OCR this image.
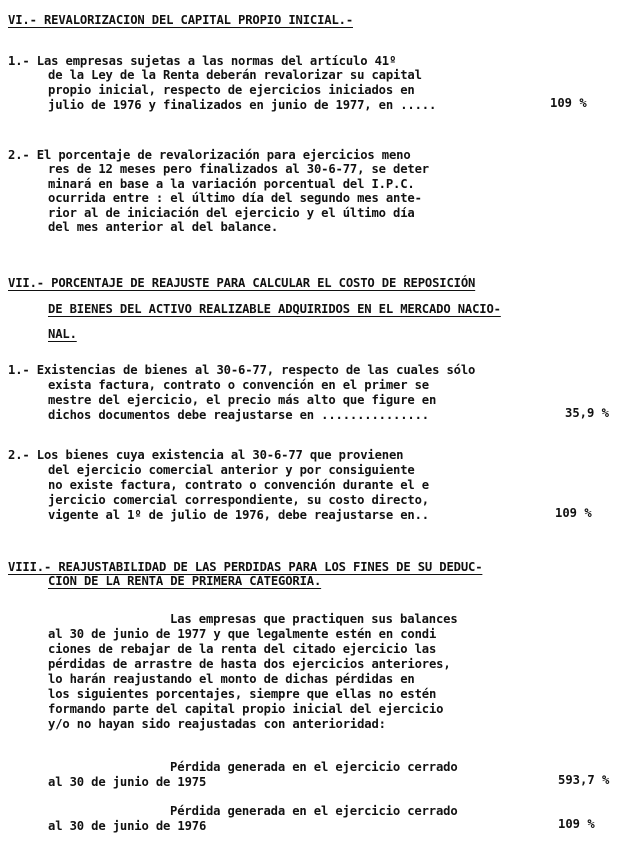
VI.- REVALORIZACION DEL CAPITAL PROPIO INICIAL.-
1.- Las empresas sujetas a las normas del artículo 41º
de la Ley de la Renta deberán revalorizar su capital
propio inicial, respecto de ejercicios iniciados en
julio de 1976 y finalizados en junio de 1977, en .....	109 %
2.- El porcentaje de revalorización para ejercicios meno
res de 12 meses pero finalizados al 30-6-77, se deter
minará en base a la variación porcentual del I.P.C.
ocurrida entre : el último día del segundo mes ante-
rior al de iniciación del ejercicio y el último día
del mes anterior al del balance.
VII.- PORCENTAJE DE REAJUSTE PARA CALCULAR EL COSTO DE REPOSICIÓN
DE BIENES DEL ACTIVO REALIZABLE ADQUIRIDOS EN EL MERCADO NACIO-
NAL.
1.- Existencias de bienes al 30-6-77, respecto de las cuales sólo
exista factura, contrato o convención en el primer se
mestre del ejercicio, el precio más alto que figure en
dichos documentos debe reajustarse en ...............	35,9 %
2.- Los bienes cuya existencia al 30-6-77 que provienen
del ejercicio comercial anterior y por consiguiente
no existe factura, contrato o convención durante el e
jercicio comercial correspondiente, su costo directo,
vigente al 1º de julio de 1976, debe reajustarse en..	109 %
VIII.- REAJUSTABILIDAD DE LAS PERDIDAS PARA LOS FINES DE SU DEDUC-
CION DE LA RENTA DE PRIMERA CATEGORIA.
Las empresas que practiquen sus balances
al 30 de junio de 1977 y que legalmente estén en condi
ciones de rebajar de la renta del citado ejercicio las
pérdidas de arrastre de hasta dos ejercicios anteriores,
lo harán reajustando el monto de dichas pérdidas en
los siguientes porcentajes, siempre que ellas no estén
formando parte del capital propio inicial del ejercicio
y/o no hayan sido reajustadas con anterioridad:
Pérdida generada en el ejercicio cerrado
al 30 de junio de 1975	593,7 %
Pérdida generada en el ejercicio cerrado
al 30 de junio de 1976	109 %
